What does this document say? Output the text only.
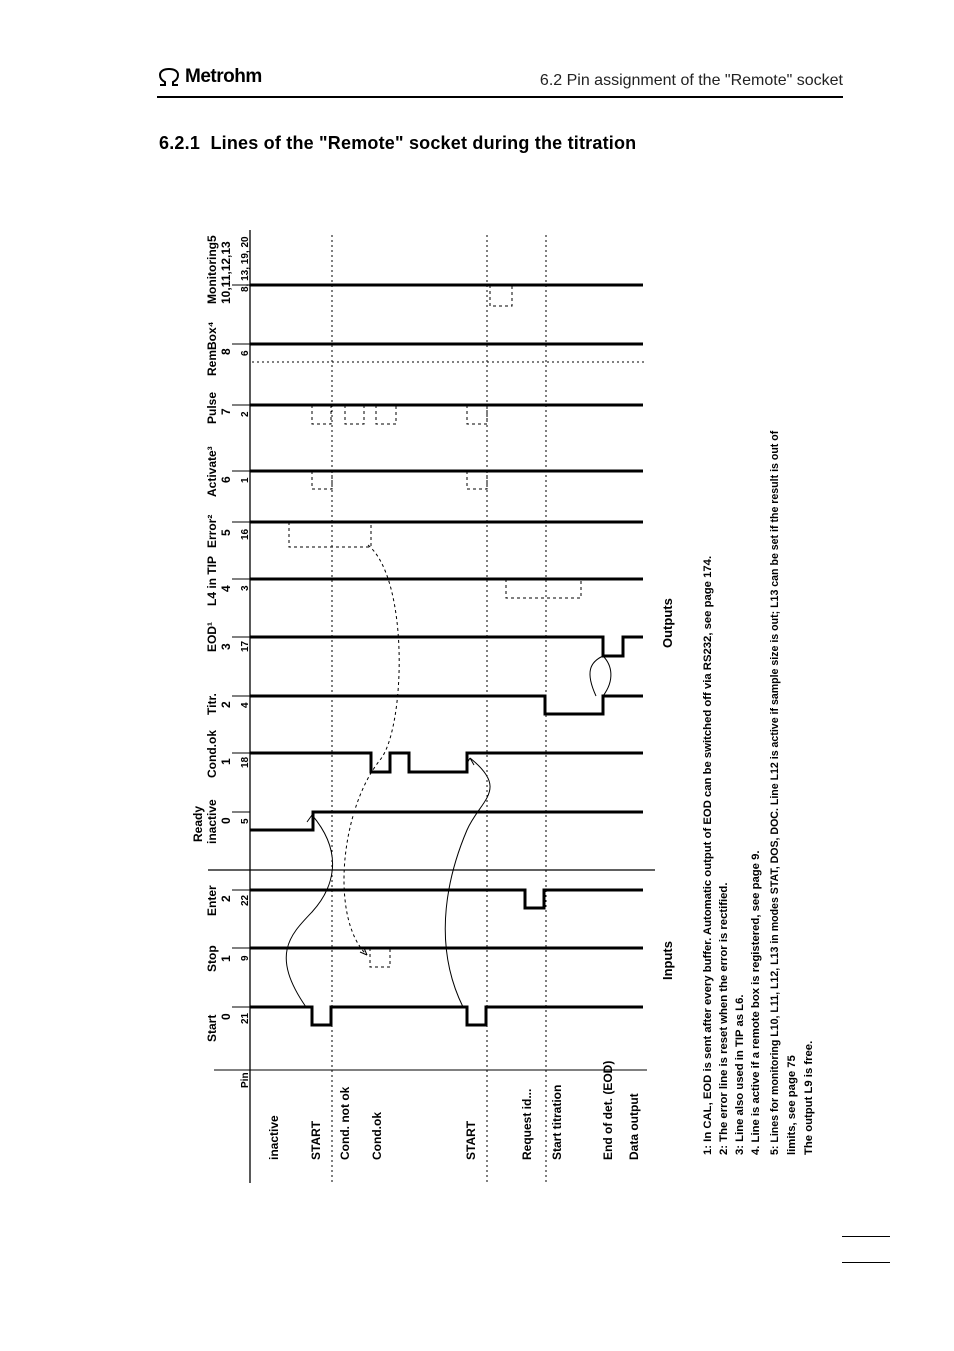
Metrohm	6.2 Pin assignment of the "Remote" socket
6.2.1 Lines of the "Remote" socket during the titration
Pin
Start 0 21
Stop 1 9
Enter 2 22
Ready inactive 0 5
Cond.ok 1 18
Titr. 2 4
EOD¹ 3 17
L4 in TIP 4 3
Error² 5 16
Activate³ 6 1
Pulse 7 2
RemBox⁴ 8 6
Monitoring5 10,11,12,13 8, 13, 19, 20
Inputs
Outputs
inactive START Cond. not ok Cond.ok	START	Request id... Start titration	End of det. (EOD) Data output	1: In CAL, EOD is sent after every buffer. Automatic output of EOD can be switched off via RS232, see page 174. 2: The error line is reset when the error is rectified. 3: Line also used in TIP as L6. 4. Line is active if a remote box is registered, see page 9. 5: Lines for monitoring L10, L11, L12, L13 in modes STAT, DOS, DOC. Line L12 is active if sample size is out; L13 can be set if the result is out of limits, see page 75 The output L9 is free.
